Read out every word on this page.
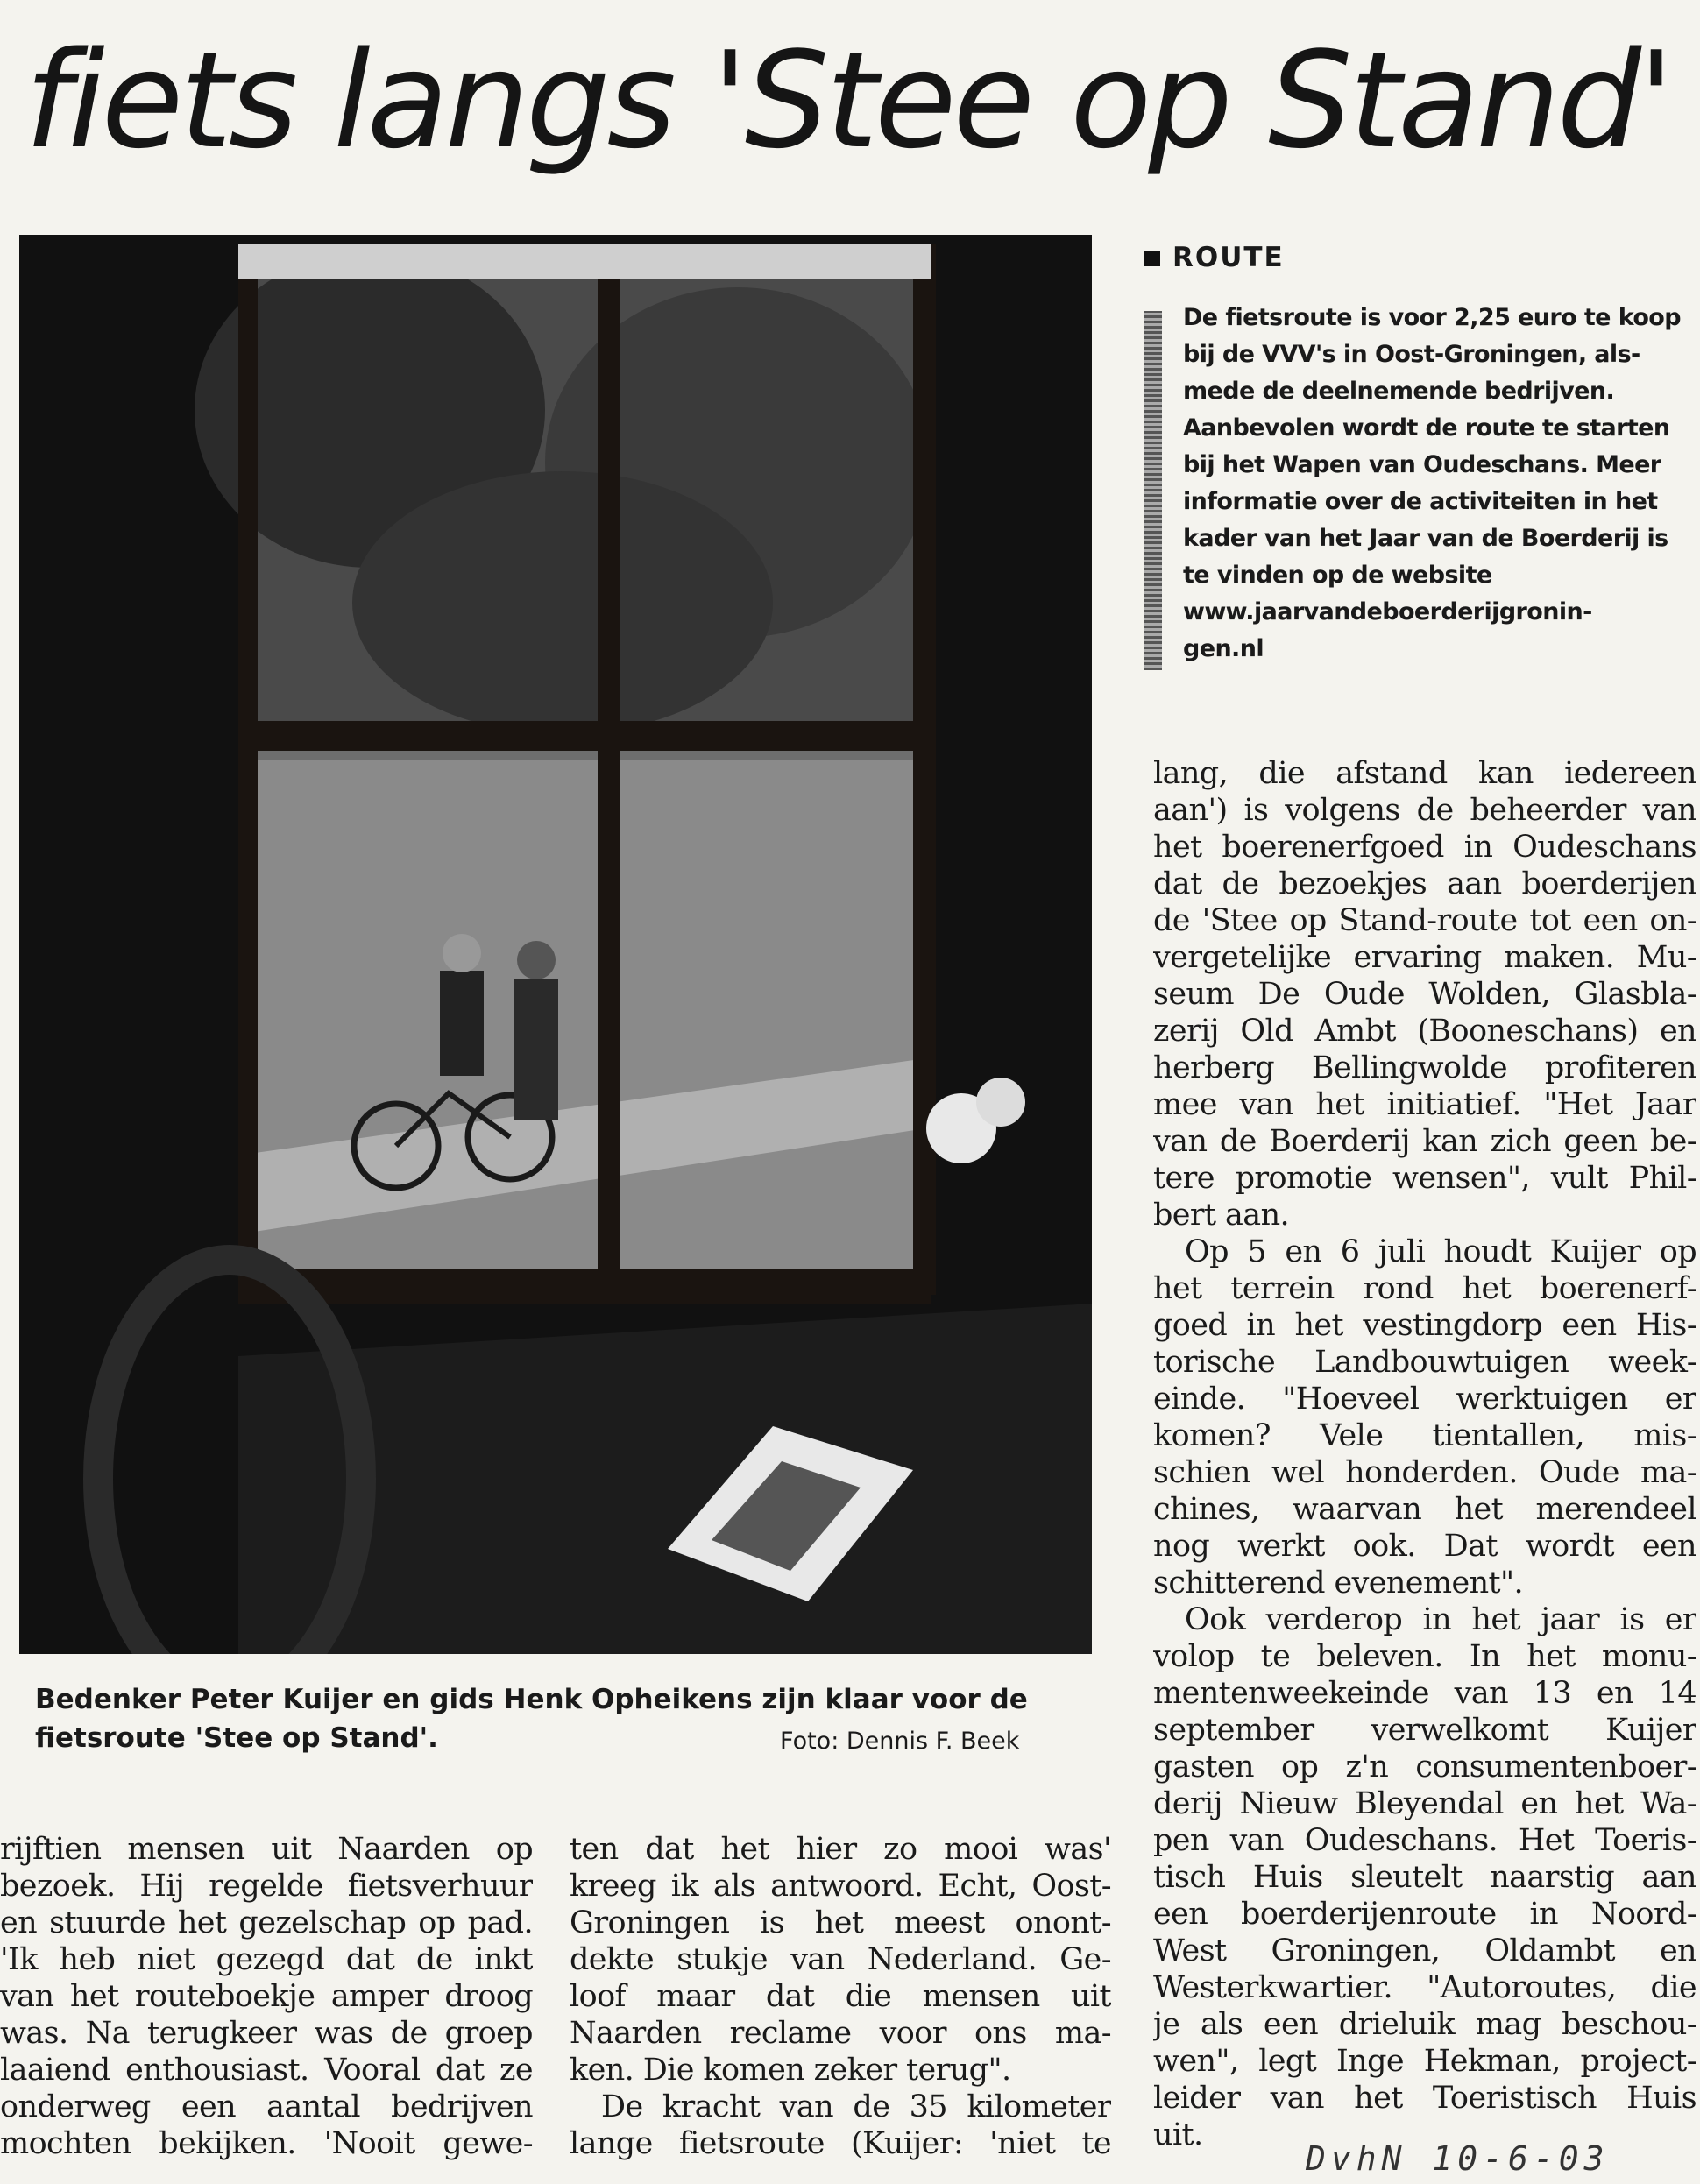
fiets langs 'Stee op Stand'
Bedenker Peter Kuijer en gids Henk Opheikens zijn klaar voor de fietsroute 'Stee op Stand'.	Foto: Dennis F. Beek
ROUTE
De fietsroute is voor 2,25 euro te koop
bij de VVV's in Oost-Groningen, als-
mede de deelnemende bedrijven.
Aanbevolen wordt de route te starten
bij het Wapen van Oudeschans. Meer
informatie over de activiteiten in het
kader van het Jaar van de Boerderij is
te vinden op de website
www.jaarvandeboerderijgronin-
gen.nl
rijftien mensen uit Naarden op
bezoek. Hij regelde fietsverhuur
en stuurde het gezelschap op pad.
'Ik heb niet gezegd dat de inkt
van het routeboekje amper droog
was. Na terugkeer was de groep
laaiend enthousiast. Vooral dat ze
onderweg een aantal bedrijven
mochten bekijken. 'Nooit gewe-
ten dat het hier zo mooi was'
kreeg ik als antwoord. Echt, Oost-
Groningen is het meest onont-
dekte stukje van Nederland. Ge-
loof maar dat die mensen uit
Naarden reclame voor ons ma-
ken. Die komen zeker terug".
De kracht van de 35 kilometer
lange fietsroute (Kuijer: 'niet te
lang, die afstand kan iedereen
aan') is volgens de beheerder van
het boerenerfgoed in Oudeschans
dat de bezoekjes aan boerderijen
de 'Stee op Stand-route tot een on-
vergetelijke ervaring maken. Mu-
seum De Oude Wolden, Glasbla-
zerij Old Ambt (Booneschans) en
herberg Bellingwolde profiteren
mee van het initiatief. "Het Jaar
van de Boerderij kan zich geen be-
tere promotie wensen", vult Phil-
bert aan.
Op 5 en 6 juli houdt Kuijer op
het terrein rond het boerenerf-
goed in het vestingdorp een His-
torische Landbouwtuigen week-
einde. "Hoeveel werktuigen er
komen? Vele tientallen, mis-
schien wel honderden. Oude ma-
chines, waarvan het merendeel
nog werkt ook. Dat wordt een
schitterend evenement".
Ook verderop in het jaar is er
volop te beleven. In het monu-
mentenweekeinde van 13 en 14
september verwelkomt Kuijer
gasten op z'n consumentenboer-
derij Nieuw Bleyendal en het Wa-
pen van Oudeschans. Het Toeris-
tisch Huis sleutelt naarstig aan
een boerderijenroute in Noord-
West Groningen, Oldambt en
Westerkwartier. "Autoroutes, die
je als een drieluik mag beschou-
wen", legt Inge Hekman, project-
leider van het Toeristisch Huis
uit.
DvhN 10-6-03
